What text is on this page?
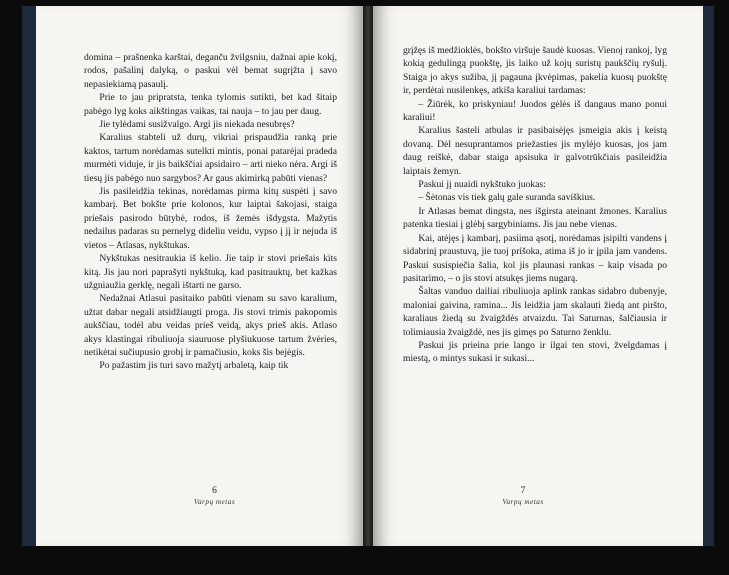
domina – prašnenka karštai, deganču žvilgsniu, dažnai apie kokį, rodos, pašalinį dalyką, o paskui vėl bemat sugrįžta į savo nepasiekiamą pasaulį.

Prie to jau pripratsta, tenka tylomis sutikti, bet kad šitaip pabėgo lyg koks aikštingas vaikas, tai nauja – to jau per daug.

Jie tylėdami susižvalgo. Argi jis niekada nesubręs?

Karalius stabteli už durų, vikriai prispaudžia ranką prie kaktos, tartum norėdamas sutelkti mintis, ponai patarėjai pradeda murmėti viduje, ir jis baikščiai apsidairo – arti nieko nėra. Argi iš tiesų jis pabėgo nuo sargybos? Ar gaus akimirką pabūti vienas?

Jis pasileidžia tekinas, norėdamas pirma kitų suspėti į savo kambarį. Bet bokšte prie kolonos, kur laiptai šakojasi, staiga priešais pasirodo būtybė, rodos, iš žemės išdygsta. Mažytis nedailus padaras su pernelyg dideliu veidu, vypso į jį ir nejuda iš vietos – Atlasas, nykštukas.

Nykštukas nesitraukia iš kelio. Jie taip ir stovi priešais kits kitą. Jis jau nori paprašyti nykštuką, kad pasitrauktų, bet kažkas užgniaužia gerklę, negali ištarti ne garso.

Nedažnai Atlasui pasitaiko pabūti vienam su savo karalium, užtat dabar negali atsidžiaugti proga. Jis stovi trimis pakopomis aukščiau, todėl abu veidas prieš veidą, akys prieš akis. Atlaso akys klastingai ribuliuoja siauruose plyšiukuose tartum žvėries, netikėtai sučiupusio grobį ir pamačiusio, koks šis bejėgis.

Po pažastim jis turi savo mažytį arbaletą, kaip tik

6
Varpų metas

grįžęs iš medžioklės, bokšto viršuje šaudė kuosas. Vienoj rankoj, lyg kokią gedulingą puokštę, jis laiko už kojų suristų paukščių ryšulį. Staiga jo akys sužiba, jį pagauna įkvėpimas, pakelia kuosų puokštę ir, perdėtai nusilenkęs, atkiša karaliui tardamas:

– Žiūrėk, ko priskyniau! Juodos gėlės iš dangaus mano ponui karaliui!

Karalius šasteli atbulas ir pasibaisėjęs įsmeigia akis į keistą dovaną. Dėl nesuprantamos priežasties jis mylėjo kuosas, jos jam daug reiškė, dabar staiga apsisuka ir galvotrūkčiais pasileidžia laiptais žemyn.

Paskui jį nuaidi nykštuko juokas:

– Šėtonas vis tiek galų gale suranda saviškius.

Ir Atlasas bemat dingsta, nes išgirsta ateinant žmones. Karalius patenka tiesiai į glėbį sargybiniams. Jis jau nebe vienas.

Kai, atėjęs į kambarį, pasiima ąsotį, norėdamas įsipilti vandens į sidabrinį praustuvą, jie tuoj prišoka, atima iš jo ir įpila jam vandens. Paskui susispiečia šalia, kol jis plaunasi rankas – kaip visada po pasitarimo, – o jis stovi atsukęs jiems nugarą.

Šaltas vanduo dailiai ribuliuoja aplink rankas sidabro dubenyje, maloniai gaivina, ramina... Jis leidžia jam skalauti žiedą ant piršto, karaliaus žiedą su žvaigždės atvaizdu. Tai Saturnas, šalčiausia ir tolimiausia žvaigždė, nes jis gimęs po Saturno ženklu.

Paskui jis prieina prie lango ir ilgai ten stovi, žvelgdamas į miestą, o mintys sukasi ir sukasi...

7
Varpų metas
